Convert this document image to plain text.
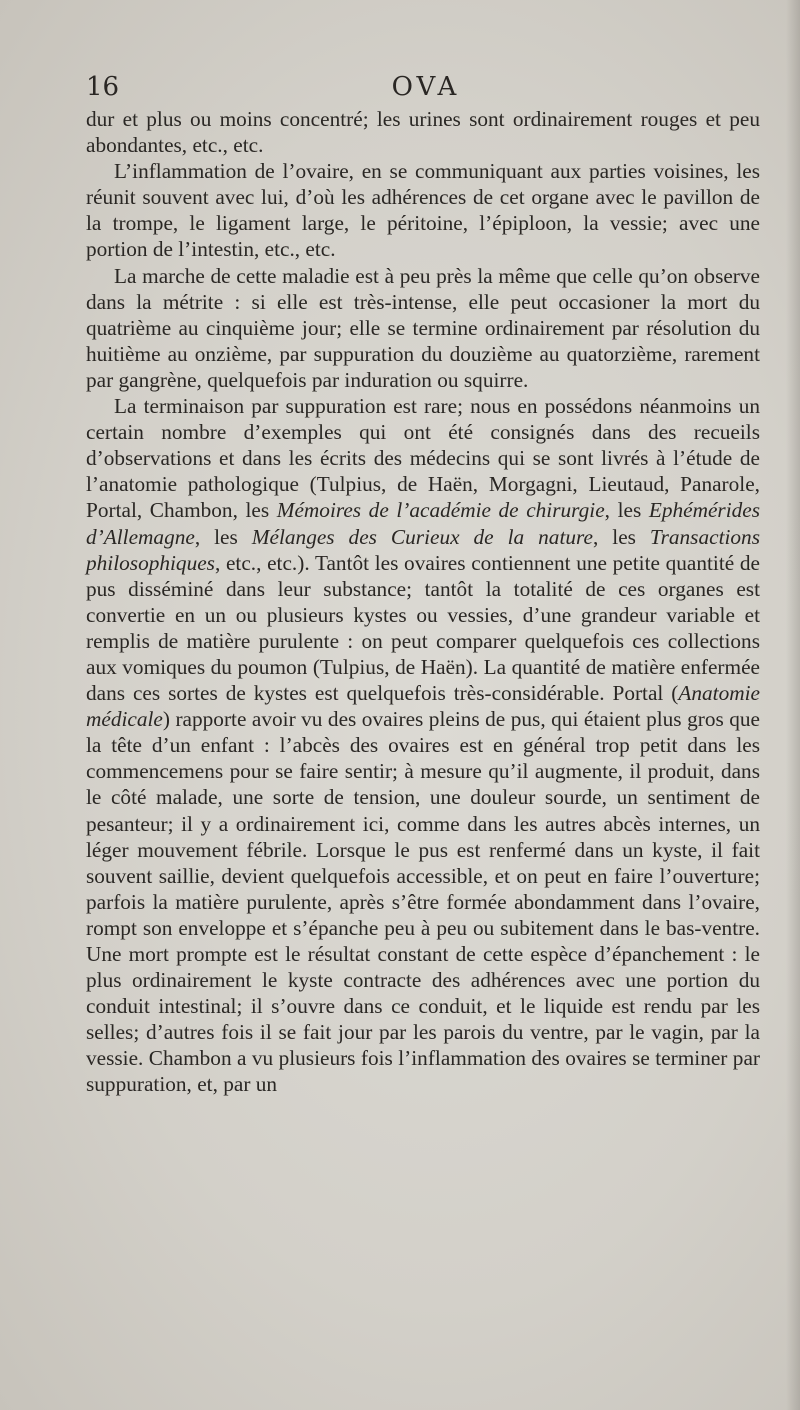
16	OVA

dur et plus ou moins concentré; les urines sont ordinairement rouges et peu abondantes, etc., etc.

L’inflammation de l’ovaire, en se communiquant aux parties voisines, les réunit souvent avec lui, d’où les adhérences de cet organe avec le pavillon de la trompe, le ligament large, le péritoine, l’épiploon, la vessie; avec une portion de l’intestin, etc., etc.

La marche de cette maladie est à peu près la même que celle qu’on observe dans la métrite : si elle est très-intense, elle peut occasioner la mort du quatrième au cinquième jour; elle se termine ordinairement par résolution du huitième au onzième, par suppuration du douzième au quatorzième, rarement par gangrène, quelquefois par induration ou squirre.

La terminaison par suppuration est rare; nous en possédons néanmoins un certain nombre d’exemples qui ont été consignés dans des recueils d’observations et dans les écrits des médecins qui se sont livrés à l’étude de l’anatomie pathologique (Tulpius, de Haën, Morgagni, Lieutaud, Panarole, Portal, Chambon, les Mémoires de l’académie de chirurgie, les Ephémérides d’Allemagne, les Mélanges des Curieux de la nature, les Transactions philosophiques, etc., etc.). Tantôt les ovaires contiennent une petite quantité de pus disséminé dans leur substance; tantôt la totalité de ces organes est convertie en un ou plusieurs kystes ou vessies, d’une grandeur variable et remplis de matière purulente : on peut comparer quelquefois ces collections aux vomiques du poumon (Tulpius, de Haën). La quantité de matière enfermée dans ces sortes de kystes est quelquefois très-considérable. Portal (Anatomie médicale) rapporte avoir vu des ovaires pleins de pus, qui étaient plus gros que la tête d’un enfant : l’abcès des ovaires est en général trop petit dans les commencemens pour se faire sentir; à mesure qu’il augmente, il produit, dans le côté malade, une sorte de tension, une douleur sourde, un sentiment de pesanteur; il y a ordinairement ici, comme dans les autres abcès internes, un léger mouvement fébrile. Lorsque le pus est renfermé dans un kyste, il fait souvent saillie, devient quelquefois accessible, et on peut en faire l’ouverture; parfois la matière purulente, après s’être formée abondamment dans l’ovaire, rompt son enveloppe et s’épanche peu à peu ou subitement dans le bas-ventre. Une mort prompte est le résultat constant de cette espèce d’épanchement : le plus ordinairement le kyste contracte des adhérences avec une portion du conduit intestinal; il s’ouvre dans ce conduit, et le liquide est rendu par les selles; d’autres fois il se fait jour par les parois du ventre, par le vagin, par la vessie. Chambon a vu plusieurs fois l’inflammation des ovaires se terminer par suppuration, et, par un
